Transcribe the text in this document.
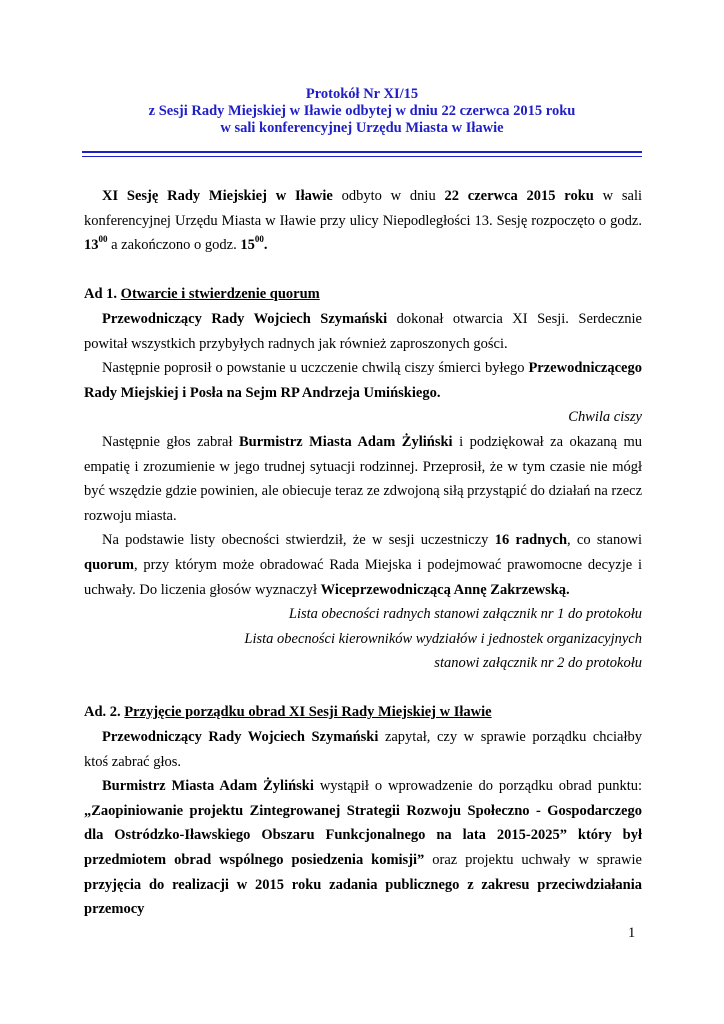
Protokół Nr XI/15
z Sesji Rady Miejskiej w Iławie odbytej w dniu 22 czerwca 2015 roku
w sali konferencyjnej Urzędu Miasta w Iławie

XI Sesję Rady Miejskiej w Iławie odbyto w dniu 22 czerwca 2015 roku w sali konferencyjnej Urzędu Miasta w Iławie przy ulicy Niepodległości 13. Sesję rozpoczęto o godz. $13^{00}$ a zakończono o godz. $15^{00}$.

Ad 1. Otwarcie i stwierdzenie quorum

Przewodniczący Rady Wojciech Szymański dokonał otwarcia XI Sesji. Serdecznie powitał wszystkich przybyłych radnych jak również zaproszonych gości.

Następnie poprosił o powstanie u uczczenie chwilą ciszy śmierci byłego Przewodniczącego Rady Miejskiej i Posła na Sejm RP Andrzeja Umińskiego.

Chwila ciszy

Następnie głos zabrał Burmistrz Miasta Adam Żyliński i podziękował za okazaną mu empatię i zrozumienie w jego trudnej sytuacji rodzinnej. Przeprosił, że w tym czasie nie mógł być wszędzie gdzie powinien, ale obiecuje teraz ze zdwojoną siłą przystąpić do działań na rzecz rozwoju miasta.

Na podstawie listy obecności stwierdził, że w sesji uczestniczy 16 radnych, co stanowi quorum, przy którym może obradować Rada Miejska i podejmować prawomocne decyzje i uchwały. Do liczenia głosów wyznaczył Wiceprzewodniczącą Annę Zakrzewską.

Lista obecności radnych stanowi załącznik nr 1 do protokołu

Lista obecności kierowników wydziałów i jednostek organizacyjnych

stanowi załącznik nr 2 do protokołu

Ad. 2. Przyjęcie porządku obrad XI Sesji Rady Miejskiej w Iławie

Przewodniczący Rady Wojciech Szymański zapytał, czy w sprawie porządku chciałby ktoś zabrać głos.

Burmistrz Miasta Adam Żyliński wystąpił o wprowadzenie do porządku obrad punktu: „Zaopiniowanie projektu Zintegrowanej Strategii Rozwoju Społeczno - Gospodarczego dla Ostródzko-Iławskiego Obszaru Funkcjonalnego na lata 2015-2025” który był przedmiotem obrad wspólnego posiedzenia komisji” oraz projektu uchwały w sprawie przyjęcia do realizacji w 2015 roku zadania publicznego z zakresu przeciwdziałania przemocy

1
